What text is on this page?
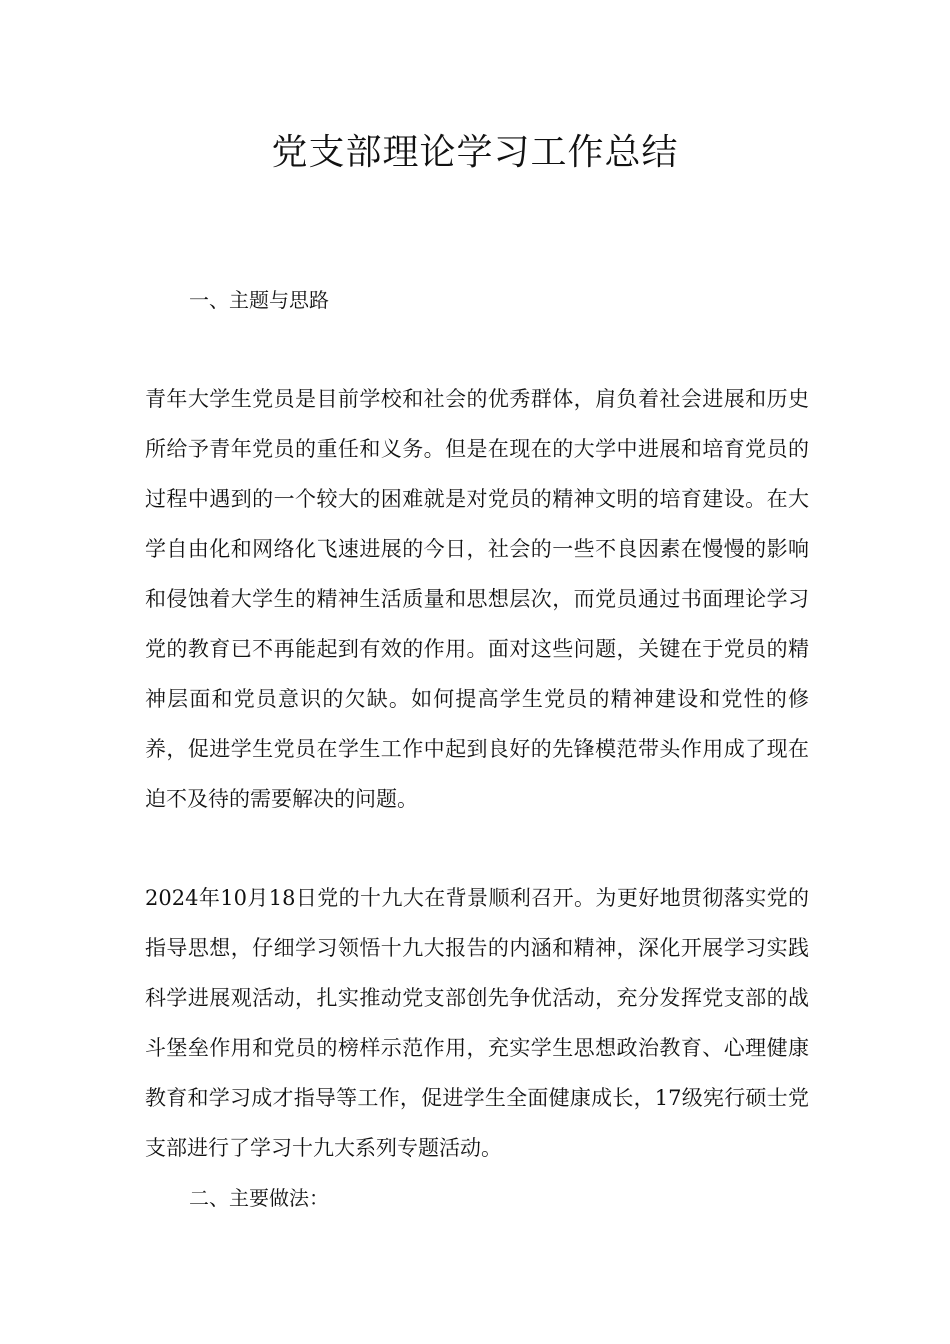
党支部理论学习工作总结
一、主题与思路

青年大学生党员是目前学校和社会的优秀群体，肩负着社会进展和历史所给予青年党员的重任和义务。但是在现在的大学中进展和培育党员的过程中遇到的一个较大的困难就是对党员的精神文明的培育建设。在大学自由化和网络化飞速进展的今日，社会的一些不良因素在慢慢的影响和侵蚀着大学生的精神生活质量和思想层次，而党员通过书面理论学习党的教育已不再能起到有效的作用。面对这些问题，关键在于党员的精神层面和党员意识的欠缺。如何提高学生党员的精神建设和党性的修养，促进学生党员在学生工作中起到良好的先锋模范带头作用成了现在迫不及待的需要解决的问题。

2024年10月18日党的十九大在背景顺利召开。为更好地贯彻落实党的指导思想，仔细学习领悟十九大报告的内涵和精神，深化开展学习实践科学进展观活动，扎实推动党支部创先争优活动，充分发挥党支部的战斗堡垒作用和党员的榜样示范作用，充实学生思想政治教育、心理健康教育和学习成才指导等工作，促进学生全面健康成长，17级宪行硕士党支部进行了学习十九大系列专题活动。

二、主要做法：
